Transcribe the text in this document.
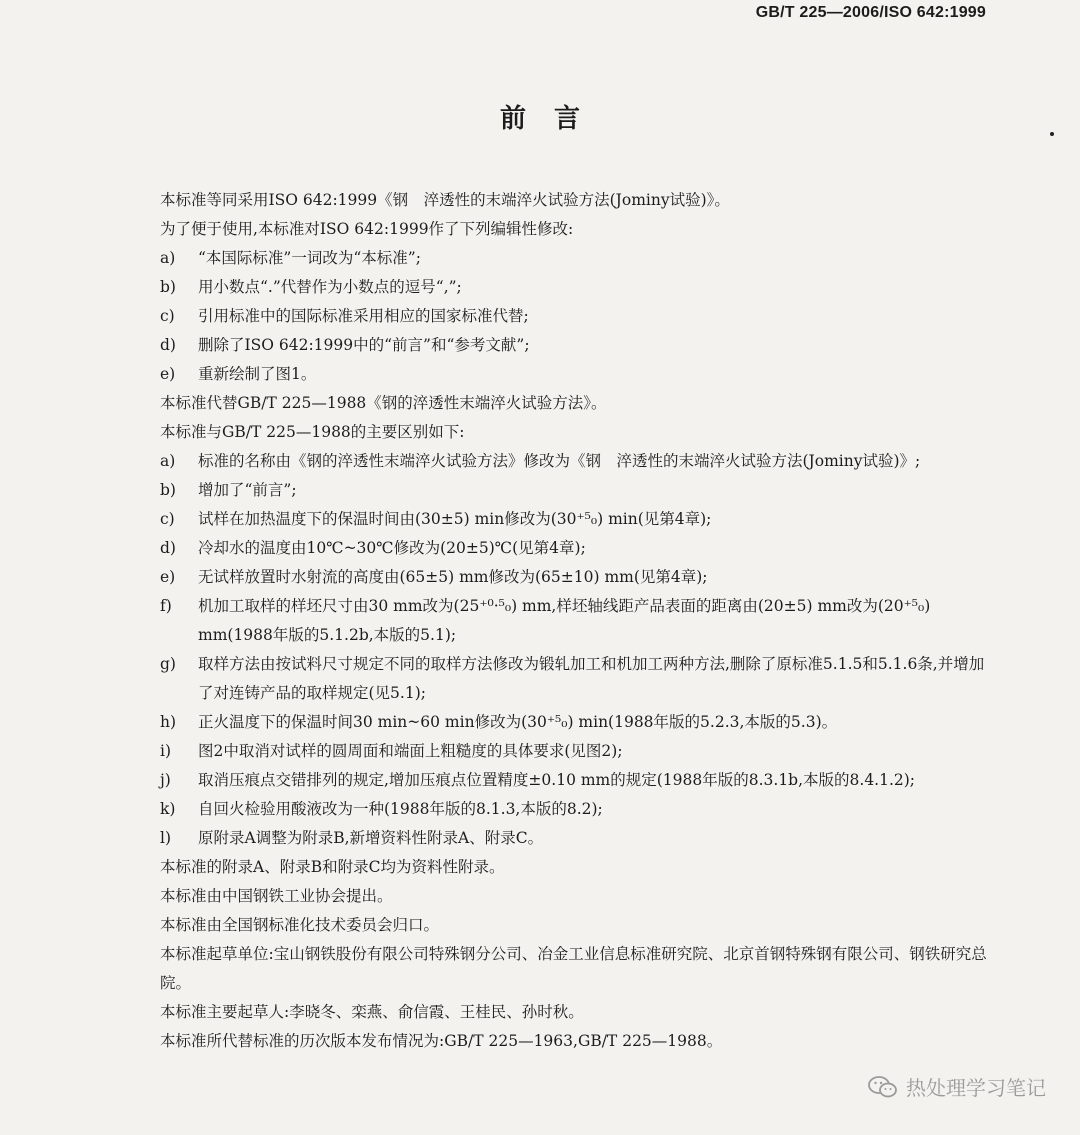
GB/T 225—2006/ISO 642:1999
前言
本标准等同采用ISO 642:1999《钢　淬透性的末端淬火试验方法(Jominy试验)》。
为了便于使用,本标准对ISO 642:1999作了下列编辑性修改:
a)	“本国际标准”一词改为“本标准”;
b)	用小数点“.”代替作为小数点的逗号“,”;
c)	引用标准中的国际标准采用相应的国家标准代替;
d)	删除了ISO 642:1999中的“前言”和“参考文献”;
e)	重新绘制了图1。
本标准代替GB/T 225—1988《钢的淬透性末端淬火试验方法》。
本标准与GB/T 225—1988的主要区别如下:
a)	标准的名称由《钢的淬透性末端淬火试验方法》修改为《钢　淬透性的末端淬火试验方法(Jominy试验)》;
b)	增加了“前言”;
c)	试样在加热温度下的保温时间由(30±5) min修改为(30⁺⁵₀) min(见第4章);
d)	冷却水的温度由10℃~30℃修改为(20±5)℃(见第4章);
e)	无试样放置时水射流的高度由(65±5) mm修改为(65±10) mm(见第4章);
f)	机加工取样的样坯尺寸由30 mm改为(25⁺⁰·⁵₀) mm,样坯轴线距产品表面的距离由(20±5) mm改为(20⁺⁵₀) mm(1988年版的5.1.2b,本版的5.1);
g)	取样方法由按试料尺寸规定不同的取样方法修改为锻轧加工和机加工两种方法,删除了原标准5.1.5和5.1.6条,并增加了对连铸产品的取样规定(见5.1);
h)	正火温度下的保温时间30 min~60 min修改为(30⁺⁵₀) min(1988年版的5.2.3,本版的5.3)。
i)	图2中取消对试样的圆周面和端面上粗糙度的具体要求(见图2);
j)	取消压痕点交错排列的规定,增加压痕点位置精度±0.10 mm的规定(1988年版的8.3.1b,本版的8.4.1.2);
k)	自回火检验用酸液改为一种(1988年版的8.1.3,本版的8.2);
l)	原附录A调整为附录B,新增资料性附录A、附录C。
本标准的附录A、附录B和附录C均为资料性附录。
本标准由中国钢铁工业协会提出。
本标准由全国钢标准化技术委员会归口。
本标准起草单位:宝山钢铁股份有限公司特殊钢分公司、冶金工业信息标准研究院、北京首钢特殊钢有限公司、钢铁研究总院。
本标准主要起草人:李晓冬、栾燕、俞信霞、王桂民、孙时秋。
本标准所代替标准的历次版本发布情况为:GB/T 225—1963,GB/T 225—1988。
热处理学习笔记
